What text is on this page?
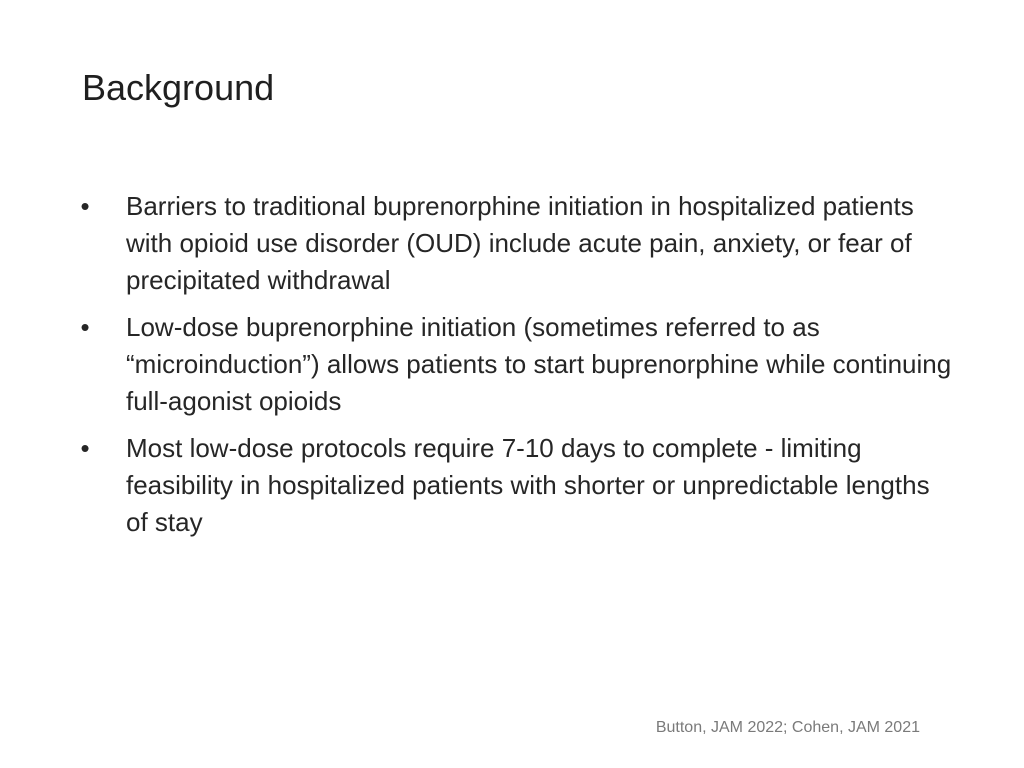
Background
• Barriers to traditional buprenorphine initiation in hospitalized patients with opioid use disorder (OUD) include acute pain, anxiety, or fear of precipitated withdrawal
• Low-dose buprenorphine initiation (sometimes referred to as “microinduction”) allows patients to start buprenorphine while continuing full-agonist opioids
• Most low-dose protocols require 7-10 days to complete - limiting feasibility in hospitalized patients with shorter or unpredictable lengths of stay
Button, JAM 2022; Cohen, JAM 2021
